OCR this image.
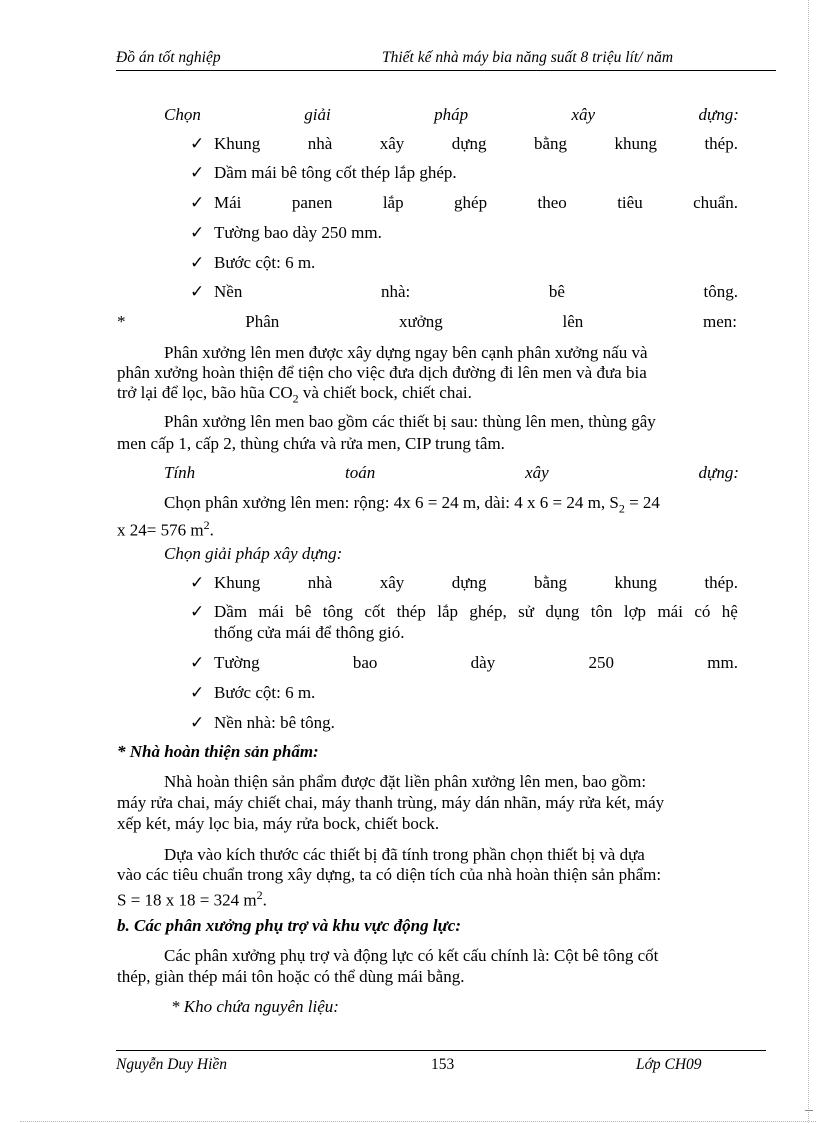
Đồ án tốt nghiệp	Thiết kế nhà máy bia năng suất 8 triệu lít/ năm
Chọn	giải	pháp	xây	dựng:
✓ Khung	nhà	xây	dựng	bằng	khung	thép.
✓ Dầm mái bê tông cốt thép lắp ghép.
✓ Mái	panen	lắp	ghép	theo	tiêu	chuẩn.
✓ Tường bao dày 250 mm.
✓ Bước cột: 6 m.
✓ Nền	nhà:	bê	tông.
*	Phân	xưởng	lên	men:
Phân xưởng lên men được xây dựng ngay bên cạnh phân xưởng nấu và
phân xưởng hoàn thiện để tiện cho việc đưa dịch đường đi lên men và đưa bia
trở lại để lọc, bão hũa $CO_2$ và chiết bock, chiết chai.
Phân xưởng lên men bao gồm các thiết bị sau: thùng lên men, thùng gây
men cấp 1, cấp 2, thùng chứa và rửa men, CIP trung tâm.
Tính	toán	xây	dựng:
Chọn phân xưởng lên men: rộng: 4x 6 = 24 m, dài: 4 x 6 = 24 m, $S_2 = 24$
x 24= 576 $m^2$.
Chọn giải pháp xây dựng:
✓ Khung	nhà	xây	dựng	bằng	khung	thép.
✓ Dầm mái bê tông cốt thép lắp ghép, sử dụng tôn lợp mái có hệ
thống cửa mái để thông gió.
✓ Tường	bao	dày	250	mm.
✓ Bước cột: 6 m.
✓ Nền nhà: bê tông.
* Nhà hoàn thiện sản phẩm:
Nhà hoàn thiện sản phẩm được đặt liền phân xưởng lên men, bao gồm:
máy rửa chai, máy chiết chai, máy thanh trùng, máy dán nhãn, máy rửa két, máy
xếp két, máy lọc bia, máy rửa bock, chiết bock.
Dựa vào kích thước các thiết bị đã tính trong phần chọn thiết bị và dựa
vào các tiêu chuẩn trong xây dựng, ta có diện tích của nhà hoàn thiện sản phẩm:
S = 18 x 18 = 324 $m^2$.
b. Các phân xưởng phụ trợ và khu vực động lực:
Các phân xưởng phụ trợ và động lực có kết cấu chính là: Cột bê tông cốt
thép, giàn thép mái tôn hoặc có thể dùng mái bằng.
* Kho chứa nguyên liệu:
Nguyễn Duy Hiền	153	Lớp CH09
